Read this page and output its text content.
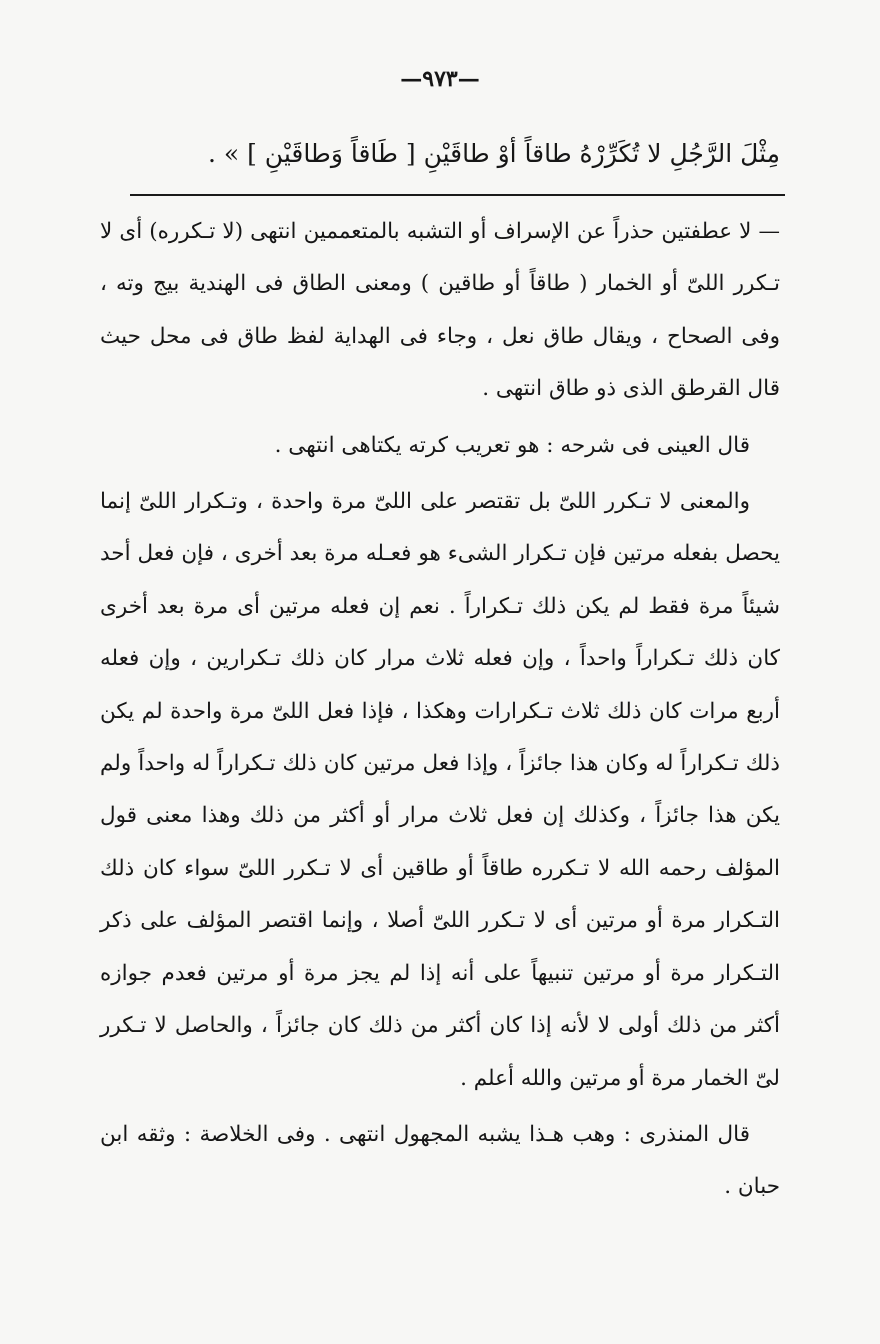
—٩٧٣—
مِثْلَ الرَّجُلِ لا تُكَرِّرْهُ طاقاً أوْ طاقَيْنِ [ طَاقاً وَطاقَيْنِ ] » .

— لا عطفتين حذراً عن الإسراف أو التشبه بالمتعممين انتهى (لا تـكرره) أى لا تـكرر اللىّ أو الخمار ( طاقاً أو طاقين ) ومعنى الطاق فى الهندية بيج وته ، وفى الصحاح ، ويقال طاق نعل ، وجاء فى الهداية لفظ طاق فى محل حيث قال القرطق الذى ذو طاق انتهى .

قال العينى فى شرحه : هو تعريب كرته يكتاهى انتهى .

والمعنى لا تـكرر اللىّ بل تقتصر على اللىّ مرة واحدة ، وتـكرار اللىّ إنما يحصل بفعله مرتين فإن تـكرار الشىء هو فعـله مرة بعد أخرى ، فإن فعل أحد شيئاً مرة فقط لم يكن ذلك تـكراراً . نعم إن فعله مرتين أى مرة بعد أخرى كان ذلك تـكراراً واحداً ، وإن فعله ثلاث مرار كان ذلك تـكرارين ، وإن فعله أربع مرات كان ذلك ثلاث تـكرارات وهكذا ، فإذا فعل اللىّ مرة واحدة لم يكن ذلك تـكراراً له وكان هذا جائزاً ، وإذا فعل مرتين كان ذلك تـكراراً له واحداً ولم يكن هذا جائزاً ، وكذلك إن فعل ثلاث مرار أو أكثر من ذلك وهذا معنى قول المؤلف رحمه الله لا تـكرره طاقاً أو طاقين أى لا تـكرر اللىّ سواء كان ذلك التـكرار مرة أو مرتين أى لا تـكرر اللىّ أصلا ، وإنما اقتصر المؤلف على ذكر التـكرار مرة أو مرتين تنبيهاً على أنه إذا لم يجز مرة أو مرتين فعدم جوازه أكثر من ذلك أولى لا لأنه إذا كان أكثر من ذلك كان جائزاً ، والحاصل لا تـكرر لىّ الخمار مرة أو مرتين والله أعلم .

قال المنذرى : وهب هـذا يشبه المجهول انتهى . وفى الخلاصة : وثقه ابن حبان .
